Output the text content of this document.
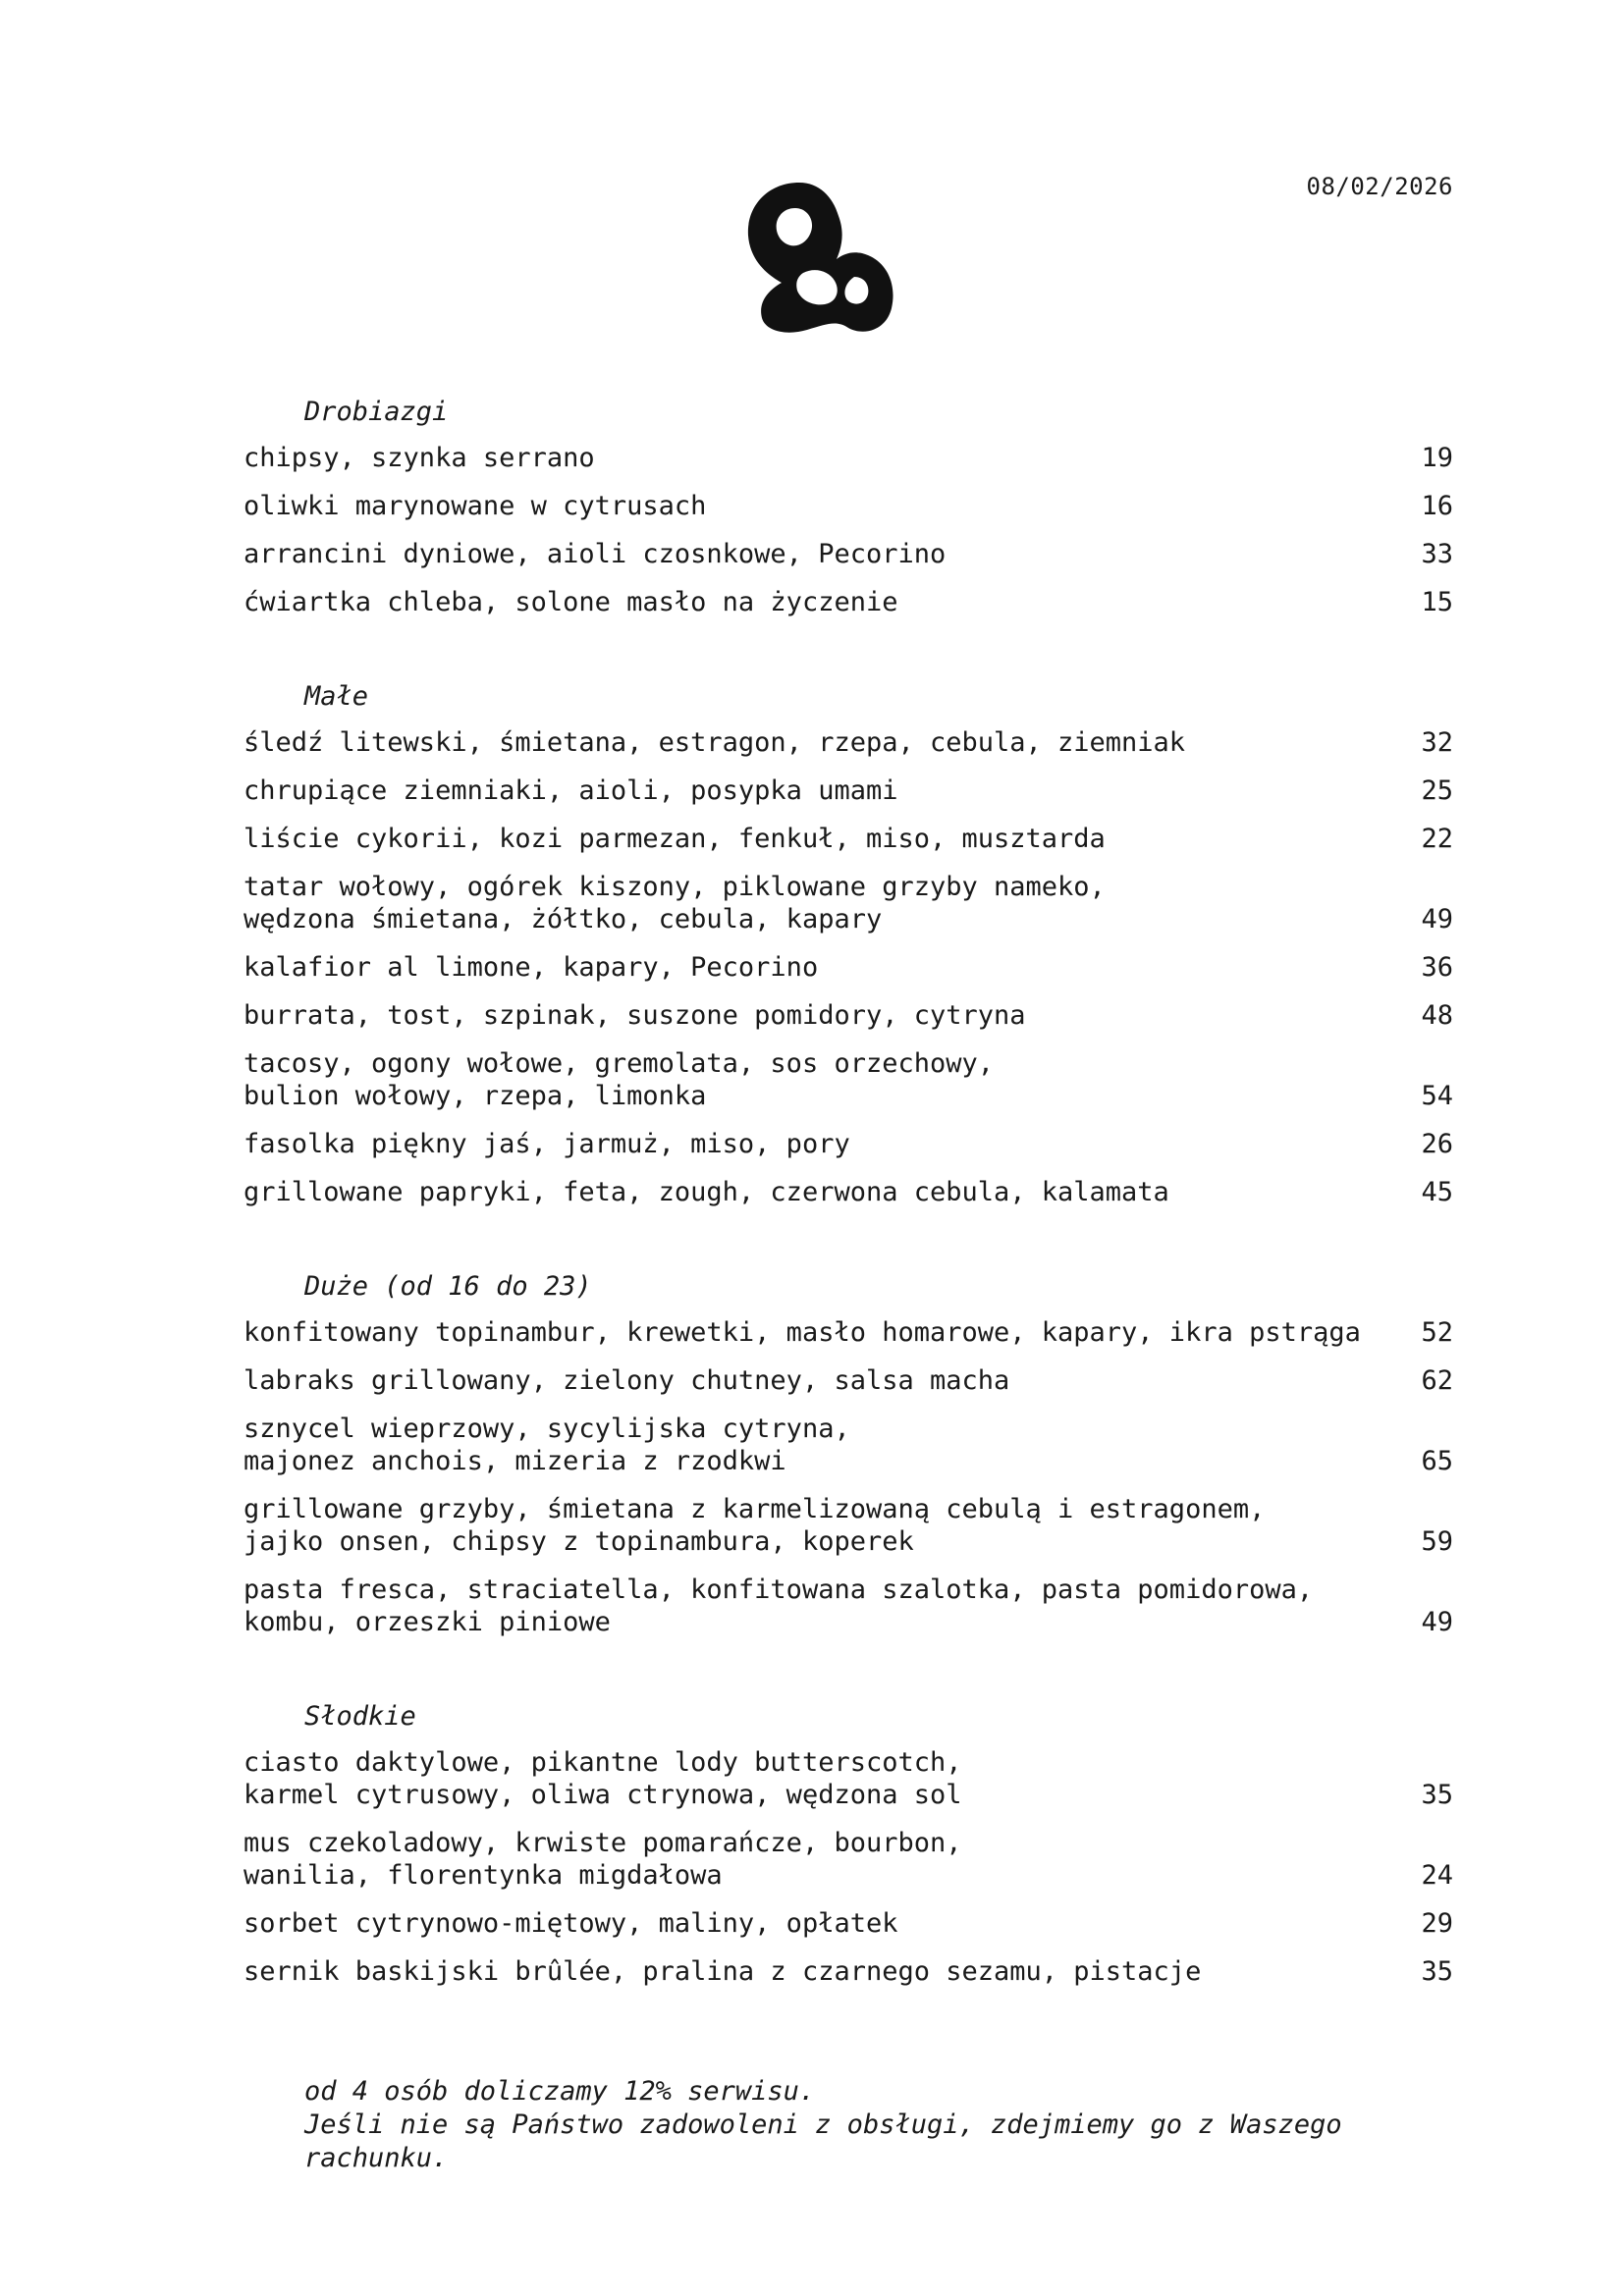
08/02/2026
Drobiazgi
chipsy, szynka serrano	19
oliwki marynowane w cytrusach	16
arrancini dyniowe, aioli czosnkowe, Pecorino	33
ćwiartka chleba, solone masło na życzenie	15
Małe
śledź litewski, śmietana, estragon, rzepa, cebula, ziemniak	32
chrupiące ziemniaki, aioli, posypka umami	25
liście cykorii, kozi parmezan, fenkuł, miso, musztarda	22
tatar wołowy, ogórek kiszony, piklowane grzyby nameko,
wędzona śmietana, żółtko, cebula, kapary	49
kalafior al limone, kapary, Pecorino	36
burrata, tost, szpinak, suszone pomidory, cytryna	48
tacosy, ogony wołowe, gremolata, sos orzechowy,
bulion wołowy, rzepa, limonka	54
fasolka piękny jaś, jarmuż, miso, pory	26
grillowane papryki, feta, zough, czerwona cebula, kalamata	45
Duże (od 16 do 23)
konfitowany topinambur, krewetki, masło homarowe, kapary, ikra pstrąga	52
labraks grillowany, zielony chutney, salsa macha	62
sznycel wieprzowy, sycylijska cytryna,
majonez anchois, mizeria z rzodkwi	65
grillowane grzyby, śmietana z karmelizowaną cebulą i estragonem,
jajko onsen, chipsy z topinambura, koperek	59
pasta fresca, straciatella, konfitowana szalotka, pasta pomidorowa,
kombu, orzeszki piniowe	49
Słodkie
ciasto daktylowe, pikantne lody butterscotch,
karmel cytrusowy, oliwa ctrynowa, wędzona sol	35
mus czekoladowy, krwiste pomarańcze, bourbon,
wanilia, florentynka migdałowa	24
sorbet cytrynowo-miętowy, maliny, opłatek	29
sernik baskijski brûlée, pralina z czarnego sezamu, pistacje	35
od 4 osób doliczamy 12% serwisu.
Jeśli nie są Państwo zadowoleni z obsługi, zdejmiemy go z Waszego
rachunku.
